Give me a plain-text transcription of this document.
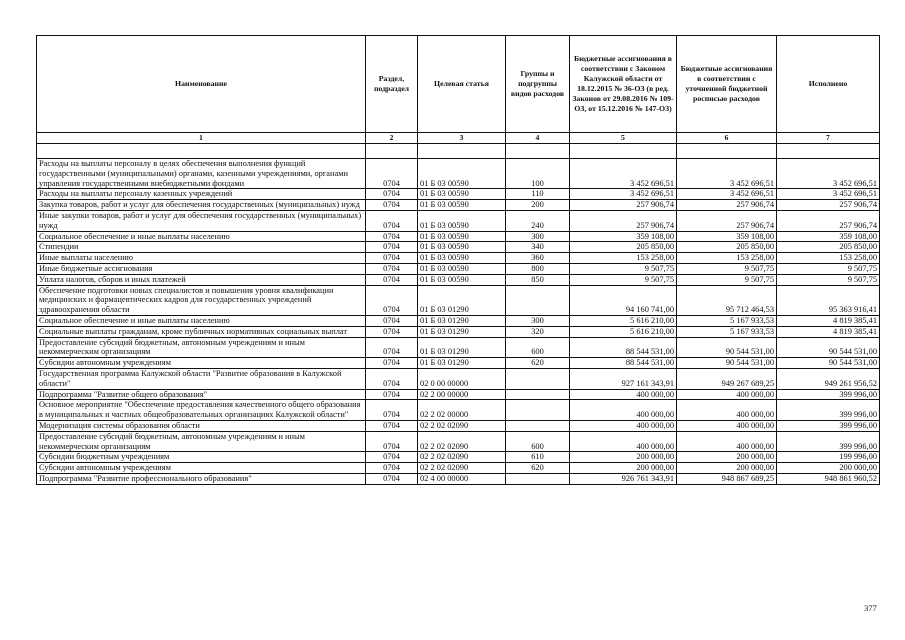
Наименование	Раздел, подраздел	Целевая статья	Группы и подгруппы видов расходов	Бюджетные ассигнования в соответствии с Законом Калужской области от 18.12.2015 № 36-ОЗ (в ред. Законов от 29.08.2016 № 109-ОЗ, от 15.12.2016 № 147-ОЗ)	Бюджетные ассигнования в соответствии с уточненной бюджетной росписью расходов	Исполнено
1	2	3	4	5	6	7

Расходы на выплаты персоналу в целях обеспечения выполнения функций государственными (муниципальными) органами, казенными учреждениями, органами управления государственными внебюджетными фондами	0704	01 Б 03 00590	100	3 452 696,51	3 452 696,51	3 452 696,51
Расходы на выплаты персоналу казенных учреждений	0704	01 Б 03 00590	110	3 452 696,51	3 452 696,51	3 452 696,51
Закупка товаров, работ и услуг для обеспечения государственных (муниципальных) нужд	0704	01 Б 03 00590	200	257 906,74	257 906,74	257 906,74
Иные закупки товаров, работ и услуг для обеспечения государственных (муниципальных) нужд	0704	01 Б 03 00590	240	257 906,74	257 906,74	257 906,74
Социальное обеспечение и иные выплаты населению	0704	01 Б 03 00590	300	359 108,00	359 108,00	359 108,00
Стипендии	0704	01 Б 03 00590	340	205 850,00	205 850,00	205 850,00
Иные выплаты населению	0704	01 Б 03 00590	360	153 258,00	153 258,00	153 258,00
Иные бюджетные ассигнования	0704	01 Б 03 00590	800	9 507,75	9 507,75	9 507,75
Уплата налогов, сборов и иных платежей	0704	01 Б 03 00590	850	9 507,75	9 507,75	9 507,75
Обеспечение подготовки новых специалистов и повышения уровня квалификации медицинских и фармацевтических кадров для государственных учреждений здравоохранения области	0704	01 Б 03 01290		94 160 741,00	95 712 464,53	95 363 916,41
Социальное обеспечение и иные выплаты населению	0704	01 Б 03 01290	300	5 616 210,00	5 167 933,53	4 819 385,41
Социальные выплаты гражданам, кроме публичных нормативных социальных выплат	0704	01 Б 03 01290	320	5 616 210,00	5 167 933,53	4 819 385,41
Предоставление субсидий бюджетным, автономным учреждениям и иным некоммерческим организациям	0704	01 Б 03 01290	600	88 544 531,00	90 544 531,00	90 544 531,00
Субсидии автономным учреждениям	0704	01 Б 03 01290	620	88 544 531,00	90 544 531,00	90 544 531,00
Государственная программа Калужской области "Развитие образования в Калужской области"	0704	02 0 00 00000		927 161 343,91	949 267 689,25	949 261 956,52
Подпрограмма "Развитие общего образования"	0704	02 2 00 00000		400 000,00	400 000,00	399 996,00
Основное мероприятие "Обеспечение предоставления качественного общего образования в муниципальных и частных общеобразовательных организациях Калужской области"	0704	02 2 02 00000		400 000,00	400 000,00	399 996,00
Модернизация системы образования области	0704	02 2 02 02090		400 000,00	400 000,00	399 996,00
Предоставление субсидий бюджетным, автономным учреждениям и иным некоммерческим организациям	0704	02 2 02 02090	600	400 000,00	400 000,00	399 996,00
Субсидии бюджетным учреждениям	0704	02 2 02 02090	610	200 000,00	200 000,00	199 996,00
Субсидии автономным учреждениям	0704	02 2 02 02090	620	200 000,00	200 000,00	200 000,00
Подпрограмма "Развитие профессионального образования"	0704	02 4 00 00000		926 761 343,91	948 867 689,25	948 861 960,52
377
